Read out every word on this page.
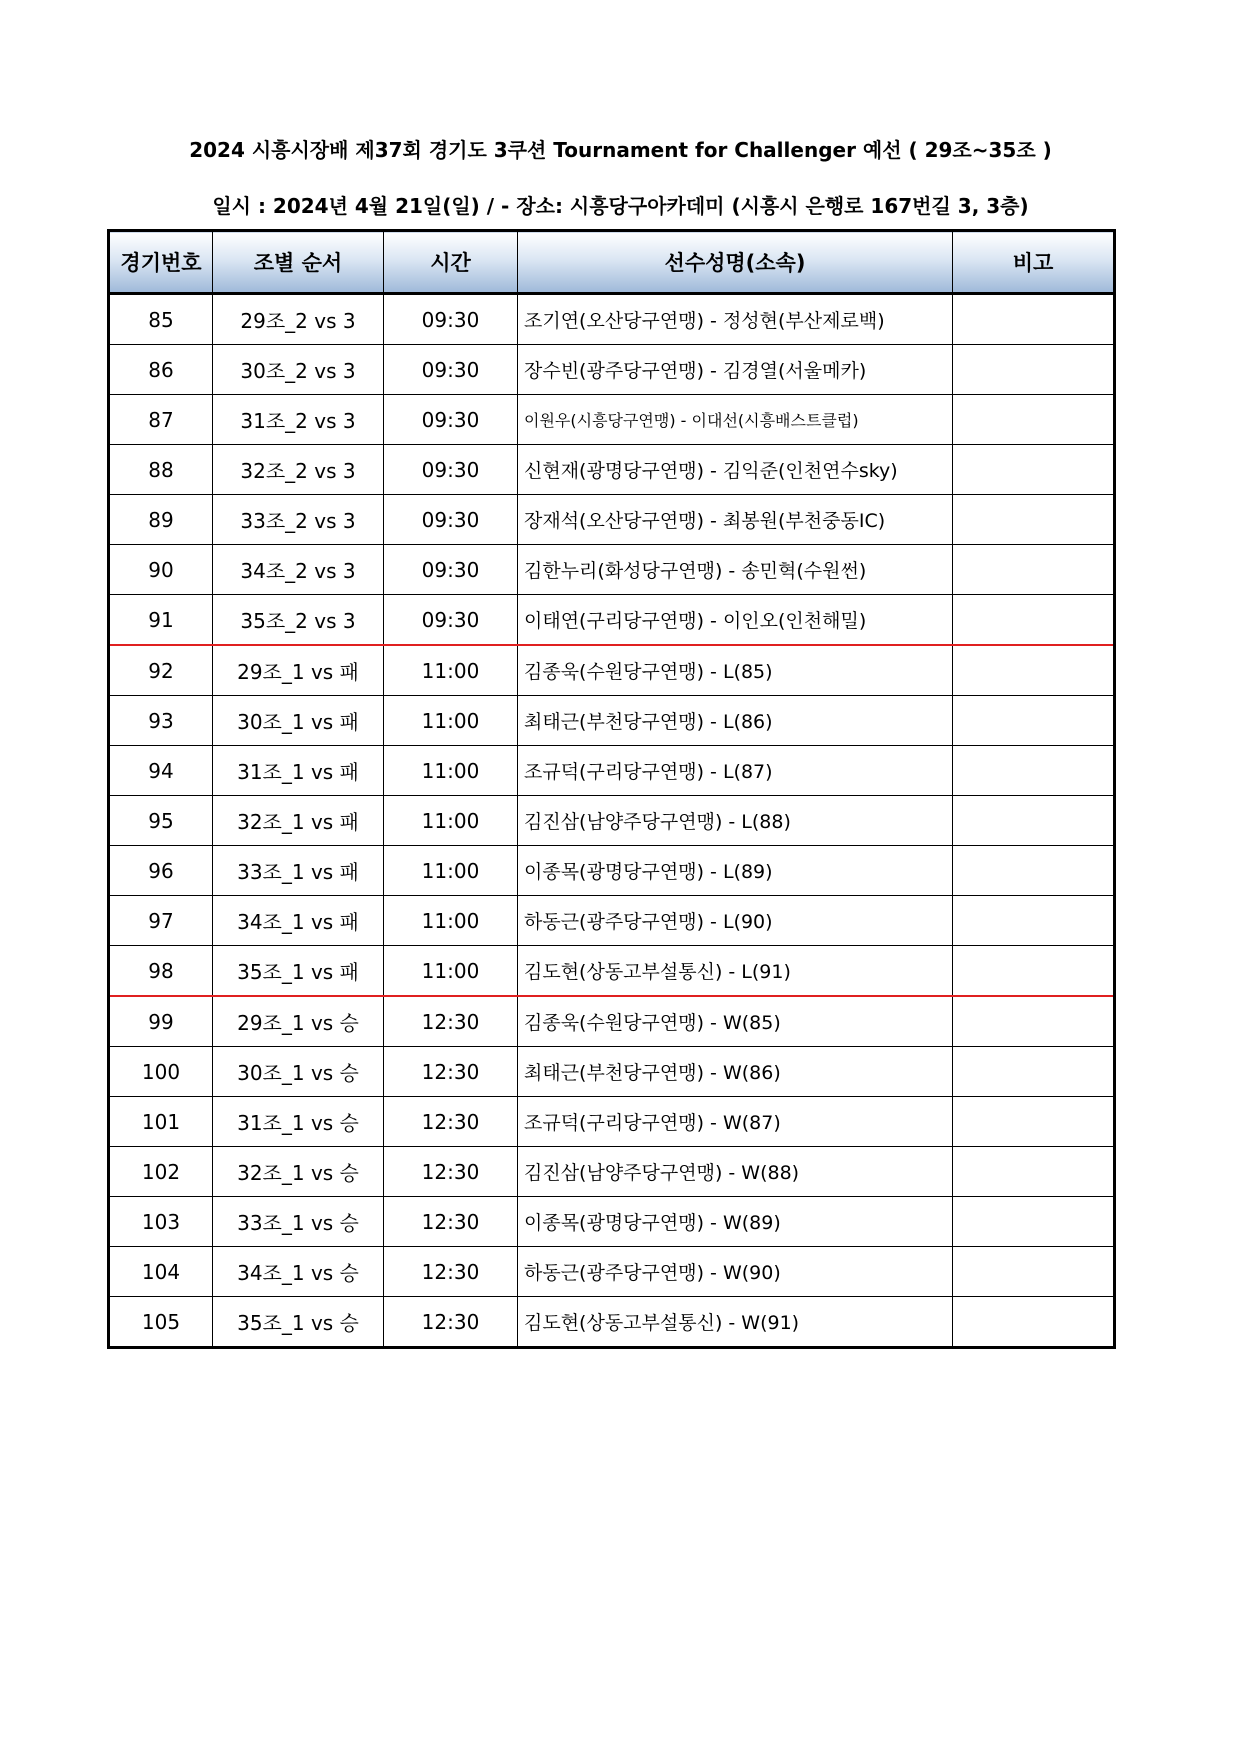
2024 시흥시장배 제37회 경기도 3쿠션 Tournament for Challenger 예선 ( 29조~35조 )
일시 : 2024년 4월 21일(일) / - 장소: 시흥당구아카데미 (시흥시 은행로 167번길 3, 3층)
경기번호	조별 순서	시간	선수성명(소속)	비고
85	29조_2 vs 3	09:30	조기연(오산당구연맹) - 정성현(부산제로백)	
86	30조_2 vs 3	09:30	장수빈(광주당구연맹) - 김경열(서울메카)	
87	31조_2 vs 3	09:30	이원우(시흥당구연맹) - 이대선(시흥배스트클럽)	
88	32조_2 vs 3	09:30	신현재(광명당구연맹) - 김익준(인천연수sky)	
89	33조_2 vs 3	09:30	장재석(오산당구연맹) - 최봉원(부천중동IC)	
90	34조_2 vs 3	09:30	김한누리(화성당구연맹) - 송민혁(수원썬)	
91	35조_2 vs 3	09:30	이태연(구리당구연맹) - 이인오(인천해밀)	
92	29조_1 vs 패	11:00	김종욱(수원당구연맹) - L(85)	
93	30조_1 vs 패	11:00	최태근(부천당구연맹) - L(86)	
94	31조_1 vs 패	11:00	조규덕(구리당구연맹) - L(87)	
95	32조_1 vs 패	11:00	김진삼(남양주당구연맹) - L(88)	
96	33조_1 vs 패	11:00	이종목(광명당구연맹) - L(89)	
97	34조_1 vs 패	11:00	하동근(광주당구연맹) - L(90)	
98	35조_1 vs 패	11:00	김도현(상동고부설통신) - L(91)	
99	29조_1 vs 승	12:30	김종욱(수원당구연맹) - W(85)	
100	30조_1 vs 승	12:30	최태근(부천당구연맹) - W(86)	
101	31조_1 vs 승	12:30	조규덕(구리당구연맹) - W(87)	
102	32조_1 vs 승	12:30	김진삼(남양주당구연맹) - W(88)	
103	33조_1 vs 승	12:30	이종목(광명당구연맹) - W(89)	
104	34조_1 vs 승	12:30	하동근(광주당구연맹) - W(90)	
105	35조_1 vs 승	12:30	김도현(상동고부설통신) - W(91)	
